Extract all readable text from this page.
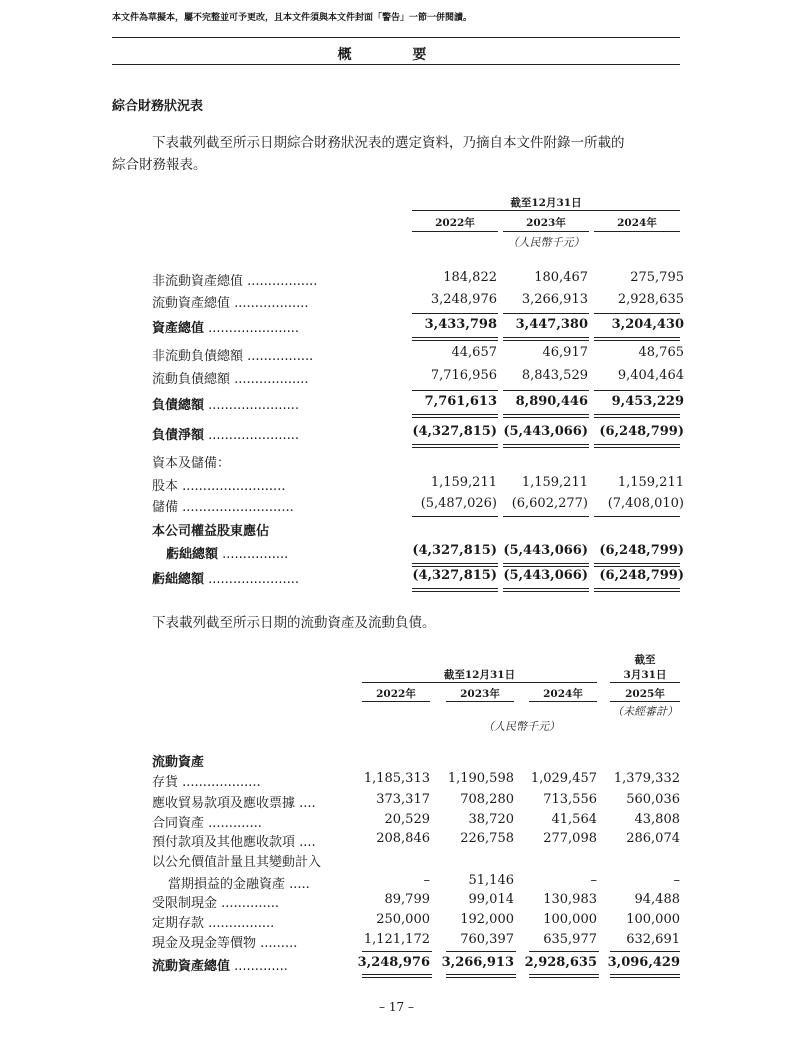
本文件為草擬本，屬不完整並可予更改，且本文件須與本文件封面「警告」一節一併閱讀。
概 要
綜合財務狀況表
下表載列截至所示日期綜合財務狀況表的選定資料，乃摘自本文件附錄一所載的
綜合財務報表。
截至12月31日
2022年	2023年	2024年
（人民幣千元）
非流動資產總值 .................	184,822	180,467	275,795
流動資產總值 ..................	3,248,976	3,266,913	2,928,635
資產總值 ......................	3,433,798	3,447,380	3,204,430
非流動負債總額 ................	44,657	46,917	48,765
流動負債總額 ..................	7,716,956	8,843,529	9,404,464
負債總額 ......................	7,761,613	8,890,446	9,453,229
負債淨額 ......................	(4,327,815) (5,443,066) (6,248,799)
資本及儲備：
股本 .........................	1,159,211	1,159,211	1,159,211
儲備 ...........................	(5,487,026)	(6,602,277)	(7,408,010)
本公司權益股東應佔
虧絀總額 ................	(4,327,815) (5,443,066) (6,248,799)
虧絀總額 ......................	(4,327,815) (5,443,066) (6,248,799)
下表載列截至所示日期的流動資產及流動負債。
截至12月31日
截至
3月31日
2022年	2023年	2024年	2025年
（未經審計）
（人民幣千元）
流動資產
存貨 ...................	1,185,313	1,190,598	1,029,457	1,379,332
應收貿易款項及應收票據 ....	373,317	708,280	713,556	560,036
合同資產 .............	20,529	38,720	41,564	43,808
預付款項及其他應收款項 ....	208,846	226,758	277,098	286,074
以公允價值計量且其變動計入
當期損益的金融資產 .....	–	51,146	–	–
受限制現金 ..............	89,799	99,014	130,983	94,488
定期存款 ................	250,000	192,000	100,000	100,000
現金及現金等價物 .........	1,121,172	760,397	635,977	632,691
流動資產總值 .............	3,248,976 3,266,913 2,928,635 3,096,429
– 17 –
